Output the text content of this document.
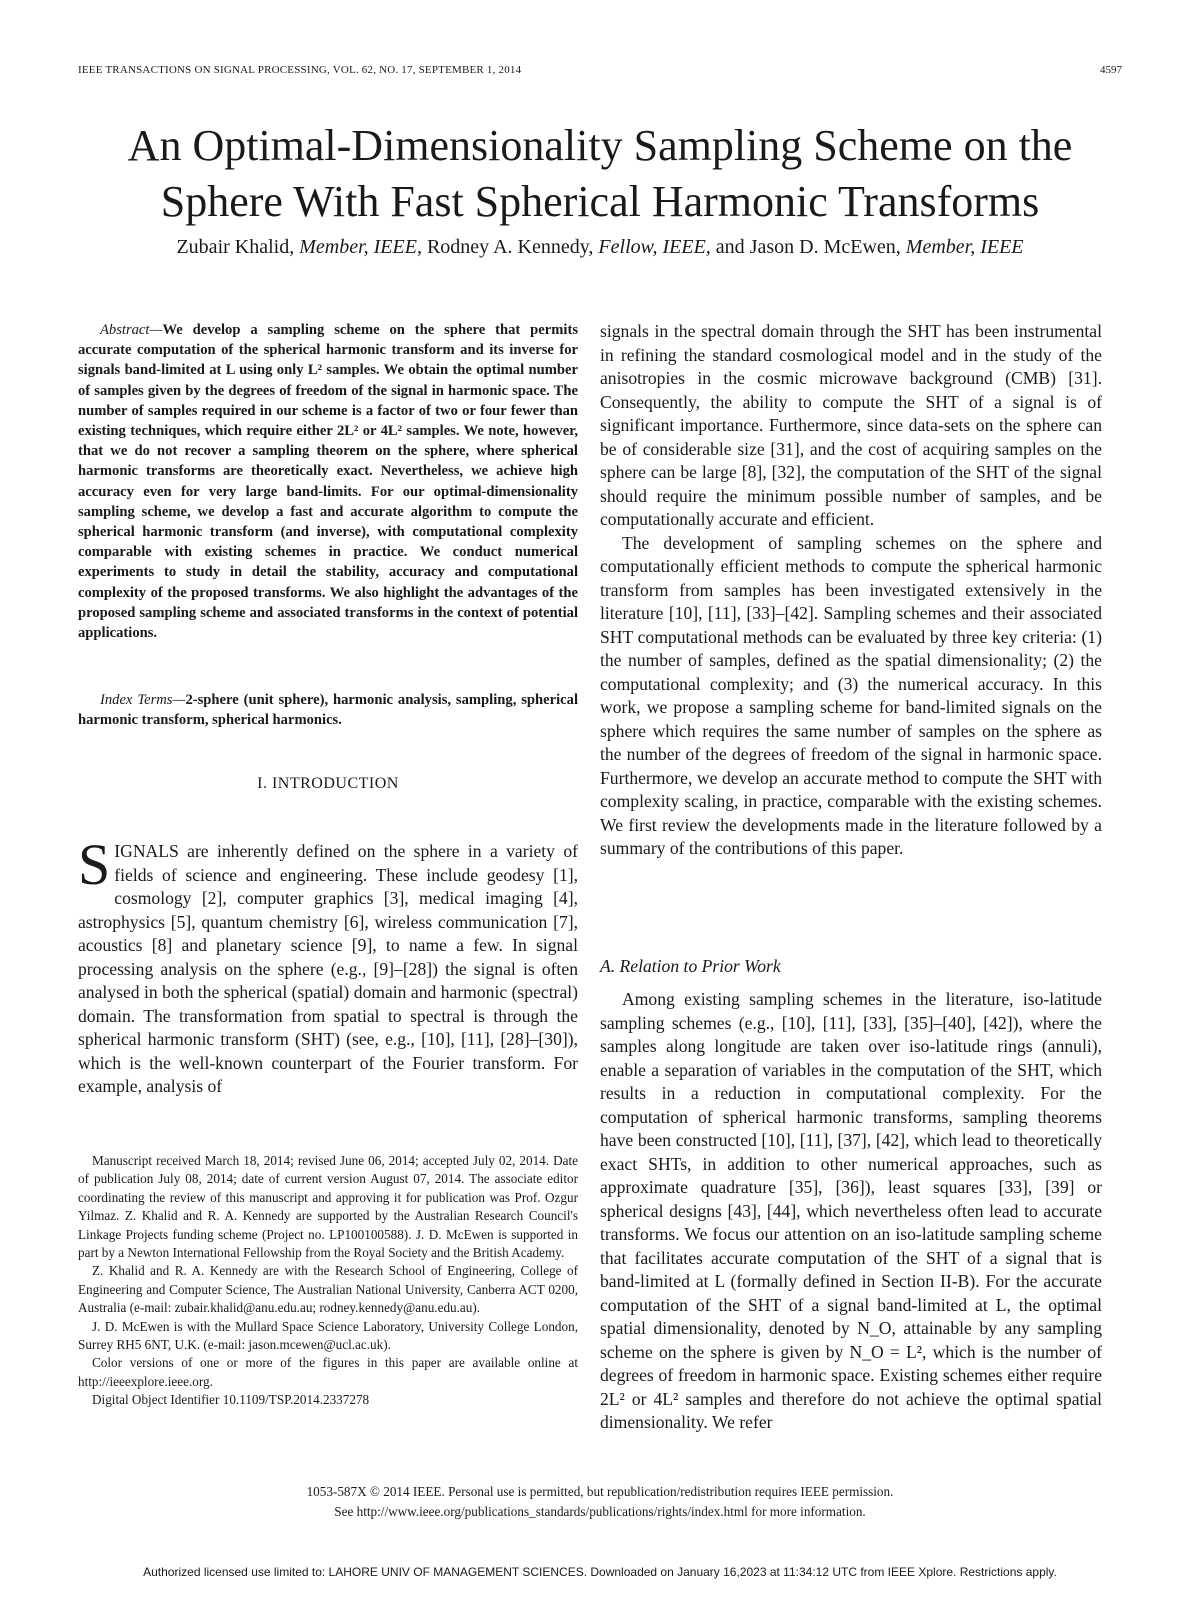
IEEE TRANSACTIONS ON SIGNAL PROCESSING, VOL. 62, NO. 17, SEPTEMBER 1, 2014	4597
An Optimal-Dimensionality Sampling Scheme on the
Sphere With Fast Spherical Harmonic Transforms
Zubair Khalid, Member, IEEE, Rodney A. Kennedy, Fellow, IEEE, and Jason D. McEwen, Member, IEEE
Abstract—We develop a sampling scheme on the sphere that permits accurate computation of the spherical harmonic transform and its inverse for signals band-limited at L using only L² samples. We obtain the optimal number of samples given by the degrees of freedom of the signal in harmonic space. The number of samples required in our scheme is a factor of two or four fewer than existing techniques, which require either 2L² or 4L² samples. We note, however, that we do not recover a sampling theorem on the sphere, where spherical harmonic transforms are theoretically exact. Nevertheless, we achieve high accuracy even for very large band-limits. For our optimal-dimensionality sampling scheme, we develop a fast and accurate algorithm to compute the spherical harmonic transform (and inverse), with computational complexity comparable with existing schemes in practice. We conduct numerical experiments to study in detail the stability, accuracy and computational complexity of the proposed transforms. We also highlight the advantages of the proposed sampling scheme and associated transforms in the context of potential applications.
Index Terms—2-sphere (unit sphere), harmonic analysis, sampling, spherical harmonic transform, spherical harmonics.
I. INTRODUCTION
SIGNALS are inherently defined on the sphere in a variety of fields of science and engineering. These include geodesy [1], cosmology [2], computer graphics [3], medical imaging [4], astrophysics [5], quantum chemistry [6], wireless communication [7], acoustics [8] and planetary science [9], to name a few. In signal processing analysis on the sphere (e.g., [9]–[28]) the signal is often analysed in both the spherical (spatial) domain and harmonic (spectral) domain. The transformation from spatial to spectral is through the spherical harmonic transform (SHT) (see, e.g., [10], [11], [28]–[30]), which is the well-known counterpart of the Fourier transform. For example, analysis of

Manuscript received March 18, 2014; revised June 06, 2014; accepted July 02, 2014. Date of publication July 08, 2014; date of current version August 07, 2014. The associate editor coordinating the review of this manuscript and approving it for publication was Prof. Ozgur Yilmaz. Z. Khalid and R. A. Kennedy are supported by the Australian Research Council's Linkage Projects funding scheme (Project no. LP100100588). J. D. McEwen is supported in part by a Newton International Fellowship from the Royal Society and the British Academy.

Z. Khalid and R. A. Kennedy are with the Research School of Engineering, College of Engineering and Computer Science, The Australian National University, Canberra ACT 0200, Australia (e-mail: zubair.khalid@anu.edu.au; rodney.kennedy@anu.edu.au).

J. D. McEwen is with the Mullard Space Science Laboratory, University College London, Surrey RH5 6NT, U.K. (e-mail: jason.mcewen@ucl.ac.uk).

Color versions of one or more of the figures in this paper are available online at http://ieeexplore.ieee.org.

Digital Object Identifier 10.1109/TSP.2014.2337278

signals in the spectral domain through the SHT has been instrumental in refining the standard cosmological model and in the study of the anisotropies in the cosmic microwave background (CMB) [31]. Consequently, the ability to compute the SHT of a signal is of significant importance. Furthermore, since data-sets on the sphere can be of considerable size [31], and the cost of acquiring samples on the sphere can be large [8], [32], the computation of the SHT of the signal should require the minimum possible number of samples, and be computationally accurate and efficient.

The development of sampling schemes on the sphere and computationally efficient methods to compute the spherical harmonic transform from samples has been investigated extensively in the literature [10], [11], [33]–[42]. Sampling schemes and their associated SHT computational methods can be evaluated by three key criteria: (1) the number of samples, defined as the spatial dimensionality; (2) the computational complexity; and (3) the numerical accuracy. In this work, we propose a sampling scheme for band-limited signals on the sphere which requires the same number of samples on the sphere as the number of the degrees of freedom of the signal in harmonic space. Furthermore, we develop an accurate method to compute the SHT with complexity scaling, in practice, comparable with the existing schemes. We first review the developments made in the literature followed by a summary of the contributions of this paper.

A. Relation to Prior Work

Among existing sampling schemes in the literature, iso-latitude sampling schemes (e.g., [10], [11], [33], [35]–[40], [42]), where the samples along longitude are taken over iso-latitude rings (annuli), enable a separation of variables in the computation of the SHT, which results in a reduction in computational complexity. For the computation of spherical harmonic transforms, sampling theorems have been constructed [10], [11], [37], [42], which lead to theoretically exact SHTs, in addition to other numerical approaches, such as approximate quadrature [35], [36]), least squares [33], [39] or spherical designs [43], [44], which nevertheless often lead to accurate transforms. We focus our attention on an iso-latitude sampling scheme that facilitates accurate computation of the SHT of a signal that is band-limited at L (formally defined in Section II-B). For the accurate computation of the SHT of a signal band-limited at L, the optimal spatial dimensionality, denoted by N_O, attainable by any sampling scheme on the sphere is given by N_O = L², which is the number of degrees of freedom in harmonic space. Existing schemes either require 2L² or 4L² samples and therefore do not achieve the optimal spatial dimensionality. We refer

1053-587X © 2014 IEEE. Personal use is permitted, but republication/redistribution requires IEEE permission.
See http://www.ieee.org/publications_standards/publications/rights/index.html for more information.
Authorized licensed use limited to: LAHORE UNIV OF MANAGEMENT SCIENCES. Downloaded on January 16,2023 at 11:34:12 UTC from IEEE Xplore. Restrictions apply.
